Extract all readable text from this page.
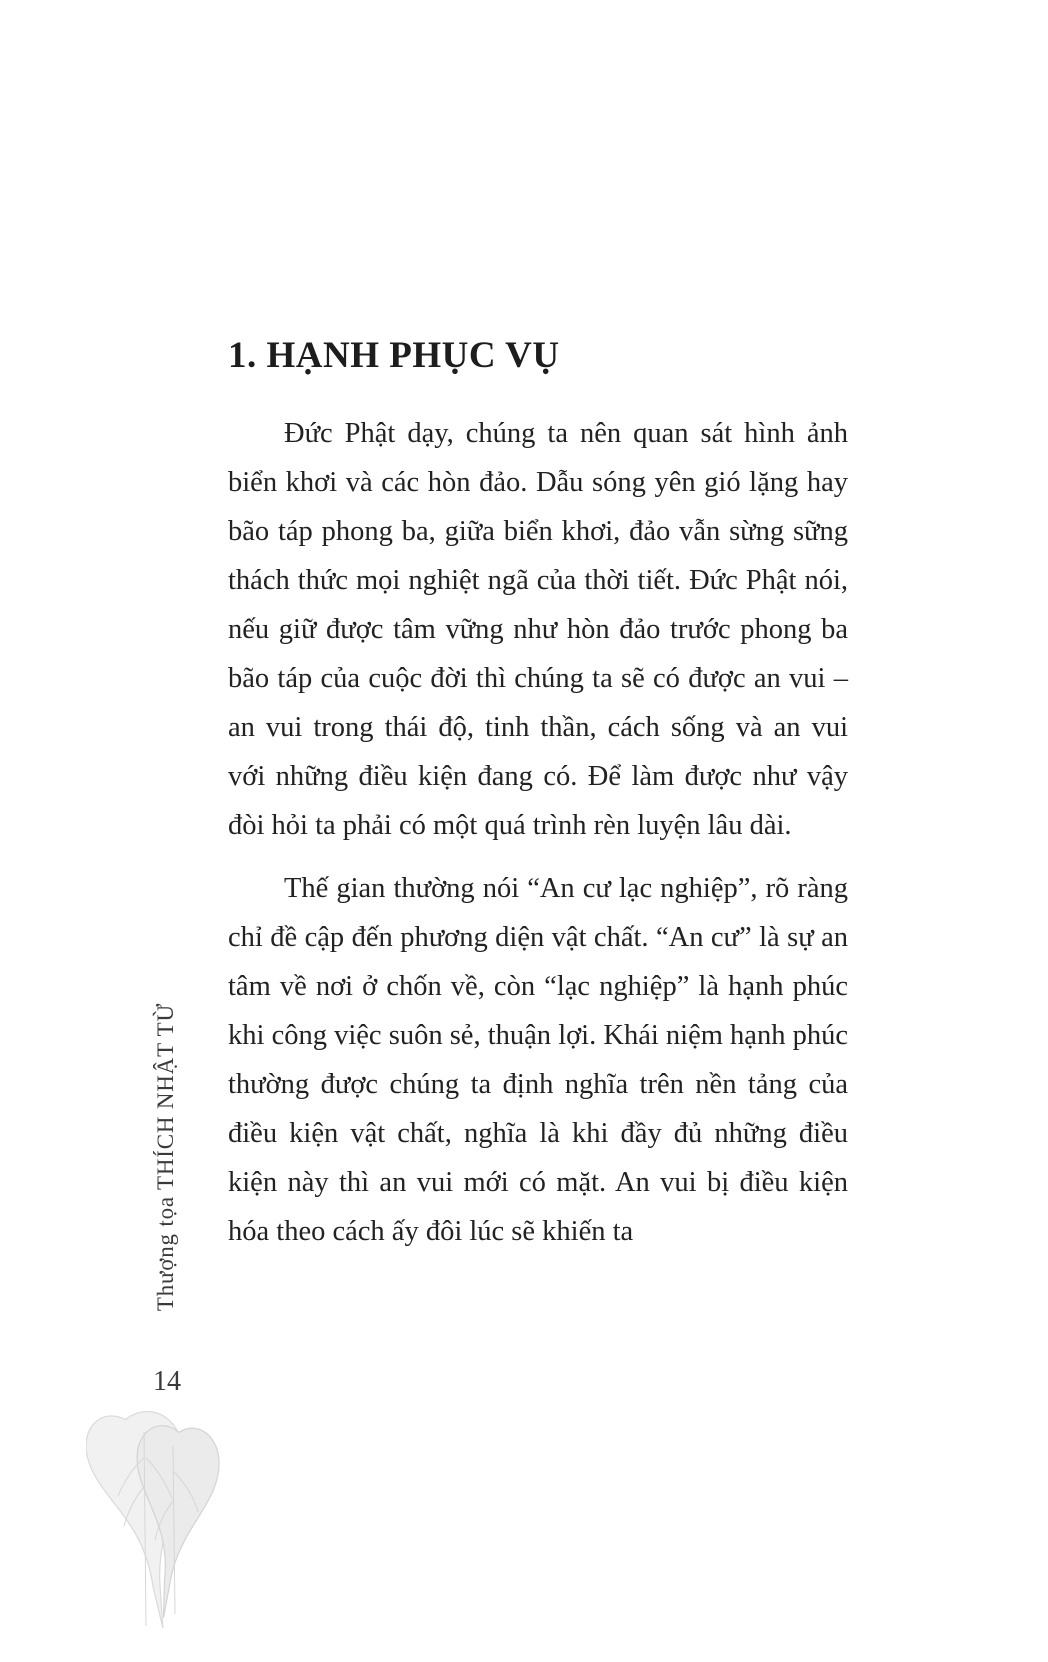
1. HẠNH PHỤC VỤ

Đức Phật dạy, chúng ta nên quan sát hình ảnh biển khơi và các hòn đảo. Dẫu sóng yên gió lặng hay bão táp phong ba, giữa biển khơi, đảo vẫn sừng sững thách thức mọi nghiệt ngã của thời tiết. Đức Phật nói, nếu giữ được tâm vững như hòn đảo trước phong ba bão táp của cuộc đời thì chúng ta sẽ có được an vui – an vui trong thái độ, tinh thần, cách sống và an vui với những điều kiện đang có. Để làm được như vậy đòi hỏi ta phải có một quá trình rèn luyện lâu dài.

Thế gian thường nói “An cư lạc nghiệp”, rõ ràng chỉ đề cập đến phương diện vật chất. “An cư” là sự an tâm về nơi ở chốn về, còn “lạc nghiệp” là hạnh phúc khi công việc suôn sẻ, thuận lợi. Khái niệm hạnh phúc thường được chúng ta định nghĩa trên nền tảng của điều kiện vật chất, nghĩa là khi đầy đủ những điều kiện này thì an vui mới có mặt. An vui bị điều kiện hóa theo cách ấy đôi lúc sẽ khiến ta

Thượng tọa THÍCH NHẬT TỪ
14
